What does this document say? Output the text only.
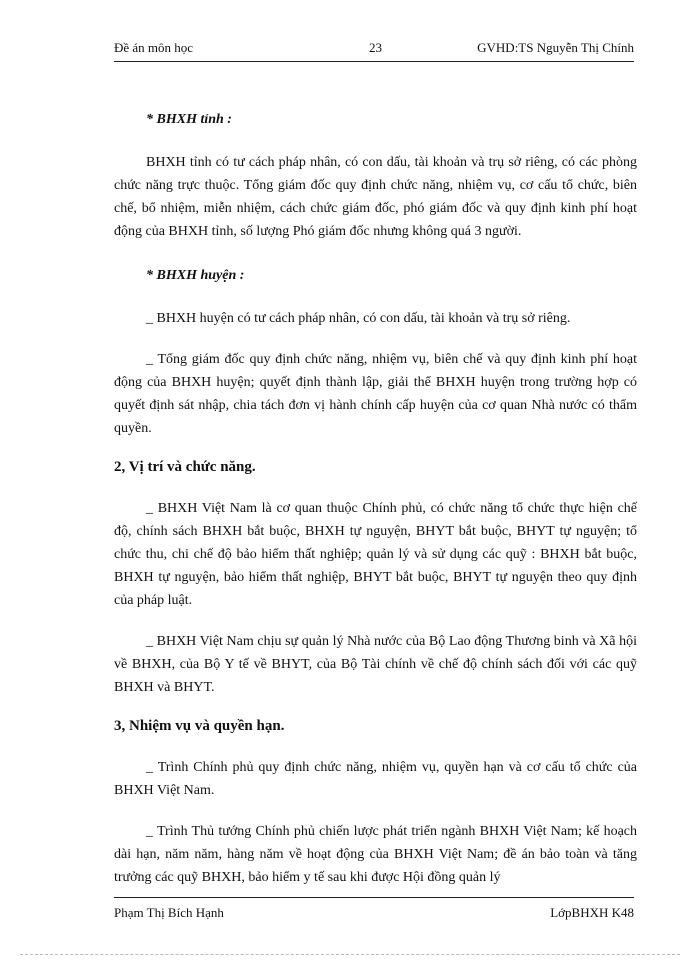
Đề án môn học	23	GVHD:TS Nguyễn Thị Chính

* BHXH tỉnh :

BHXH tỉnh có tư cách pháp nhân, có con dấu, tài khoản và trụ sở riêng, có các phòng chức năng trực thuộc. Tổng giám đốc quy định chức năng, nhiệm vụ, cơ cấu tổ chức, biên chế, bổ nhiệm, miễn nhiệm, cách chức giám đốc, phó giám đốc và quy định kinh phí hoạt động của BHXH tỉnh, số lượng Phó giám đốc nhưng không quá 3 người.

* BHXH huyện :

_ BHXH huyện có tư cách pháp nhân, có con dấu, tài khoản và trụ sở riêng.

_ Tổng giám đốc quy định chức năng, nhiệm vụ, biên chế và quy định kinh phí hoạt động của BHXH huyện; quyết định thành lập, giải thể BHXH huyện trong trường hợp có quyết định sát nhập, chia tách đơn vị hành chính cấp huyện của cơ quan Nhà nước có thẩm quyền.

2, Vị trí và chức năng.

_ BHXH Việt Nam là cơ quan thuộc Chính phủ, có chức năng tổ chức thực hiện chế độ, chính sách BHXH bắt buộc, BHXH tự nguyện, BHYT bắt buộc, BHYT tự nguyện; tổ chức thu, chi chế độ bảo hiểm thất nghiệp; quản lý và sử dụng các quỹ : BHXH bắt buộc, BHXH tự nguyện, bảo hiểm thất nghiệp, BHYT bắt buộc, BHYT tự nguyện theo quy định của pháp luật.

_ BHXH Việt Nam chịu sự quản lý Nhà nước của Bộ Lao động Thương binh và Xã hội về BHXH, của Bộ Y tế về BHYT, của Bộ Tài chính về chế độ chính sách đối với các quỹ BHXH và BHYT.

3, Nhiệm vụ và quyền hạn.

_ Trình Chính phủ quy định chức năng, nhiệm vụ, quyền hạn và cơ cấu tổ chức của BHXH Việt Nam.

_ Trình Thủ tướng Chính phủ chiến lược phát triển ngành BHXH Việt Nam; kế hoạch dài hạn, năm năm, hàng năm về hoạt động của BHXH Việt Nam; đề án bảo toàn và tăng trưởng các quỹ BHXH, bảo hiểm y tế sau khi được Hội đồng quản lý

Phạm Thị Bích Hạnh	LớpBHXH K48
